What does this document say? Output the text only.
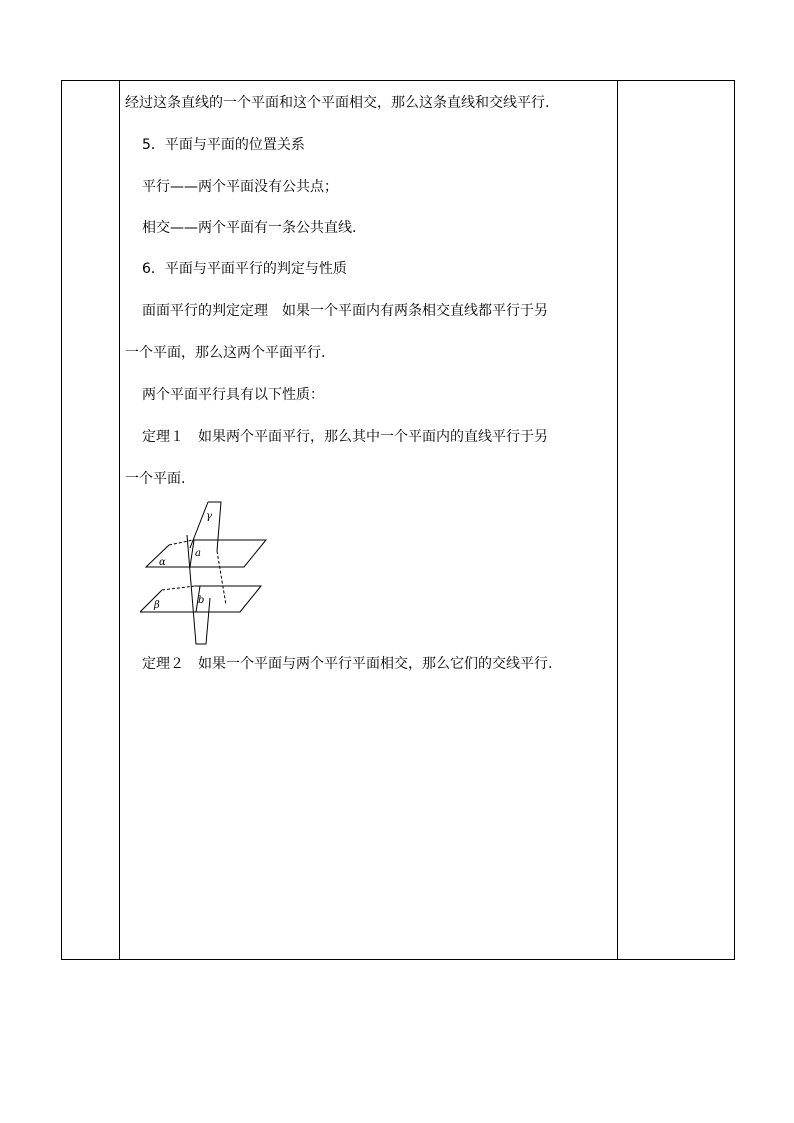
经过这条直线的一个平面和这个平面相交，那么这条直线和交线平行.
5．平面与平面的位置关系
平行——两个平面没有公共点；
相交——两个平面有一条公共直线.
6．平面与平面平行的判定与性质
面面平行的判定定理　如果一个平面内有两条相交直线都平行于另
一个平面，那么这两个平面平行.
两个平面平行具有以下性质：
定理１　如果两个平面平行，那么其中一个平面内的直线平行于另
一个平面.
γ
α
β
a
b
定理２　如果一个平面与两个平行平面相交，那么它们的交线平行.
